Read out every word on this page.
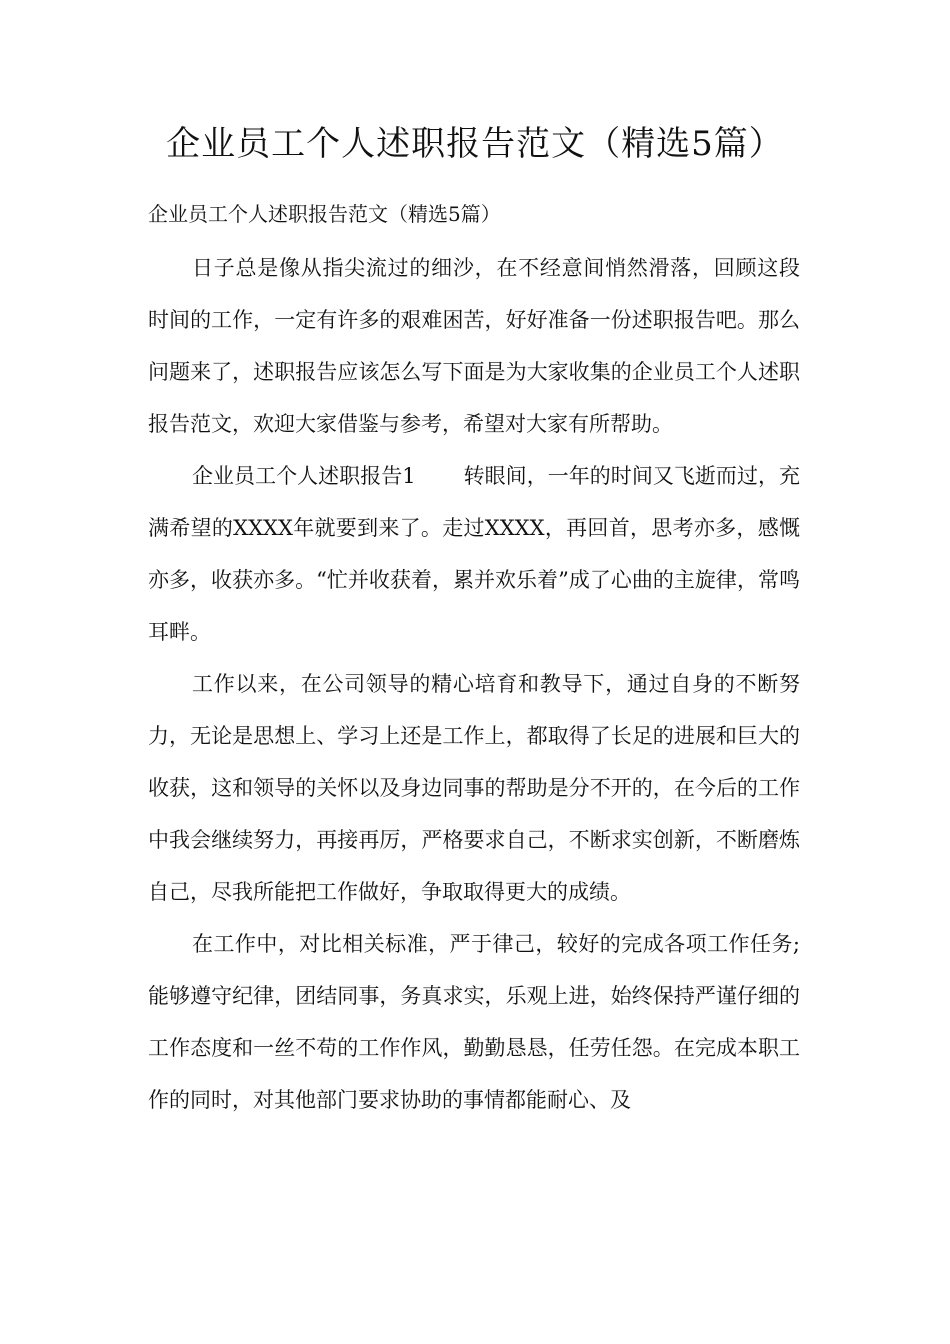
企业员工个人述职报告范文（精选5篇）

企业员工个人述职报告范文（精选5篇）

日子总是像从指尖流过的细沙，在不经意间悄然滑落，回顾这段时间的工作，一定有许多的艰难困苦，好好准备一份述职报告吧。那么问题来了，述职报告应该怎么写下面是为大家收集的企业员工个人述职报告范文，欢迎大家借鉴与参考，希望对大家有所帮助。

企业员工个人述职报告1 转眼间，一年的时间又飞逝而过，充满希望的XXXX年就要到来了。走过XXXX，再回首，思考亦多，感慨亦多，收获亦多。“忙并收获着，累并欢乐着”成了心曲的主旋律，常鸣耳畔。

工作以来，在公司领导的精心培育和教导下，通过自身的不断努力，无论是思想上、学习上还是工作上，都取得了长足的进展和巨大的收获，这和领导的关怀以及身边同事的帮助是分不开的，在今后的工作中我会继续努力，再接再厉，严格要求自己，不断求实创新，不断磨炼自己，尽我所能把工作做好，争取取得更大的成绩。

在工作中，对比相关标准，严于律己，较好的完成各项工作任务;能够遵守纪律，团结同事，务真求实，乐观上进，始终保持严谨仔细的工作态度和一丝不苟的工作作风，勤勤恳恳，任劳任怨。在完成本职工作的同时，对其他部门要求协助的事情都能耐心、及
